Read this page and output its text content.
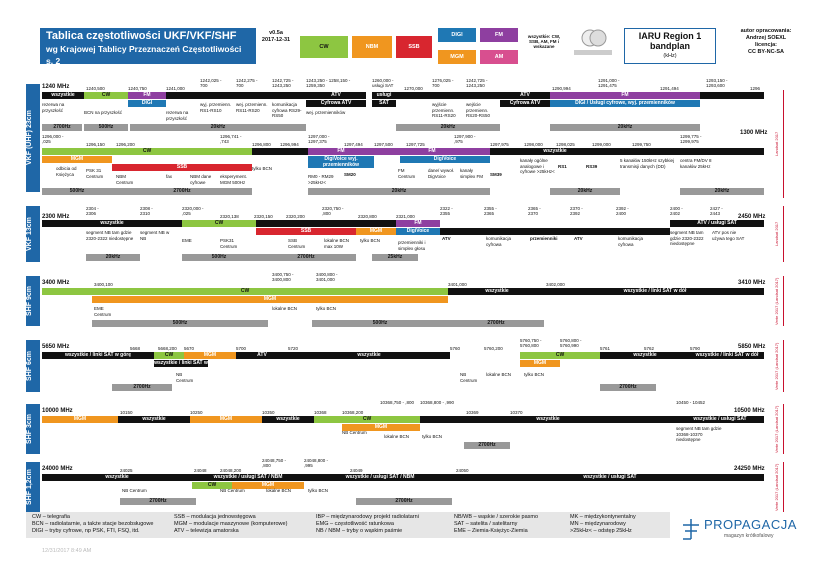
Tablica częstotliwości UKF/VKF/SHF
wg Krajowej Tablicy Przeznaczeń Częstotliwości s. 2
v0.5a
2017-12-31
CW	NBM	SSB
DIGI	FM
MGM	AM
wszystkie: CW, SSB, AM, FM i wskazane
IARU Region 1
bandplan
(kHz)
autor opracowania:
Andrzej SOEXL
licencja:
CC BY-NC-SA
VKF (UHF) 23cm
VKF 13cm
SHF 9cm
SHF 6cm
SHF 3cm
SHF 1,2cm
Landsat 2017
Landsat 2017
Verte 2017 (Landsat 2017)
Verte 2017 (Landsat 2017)
Verte 2017 (Landsat 2017)
Verte 2017 (Landsat 2017)
1240 MHz	1240,500	1240,750	1241,000
1242,025 - 700
1242,275 - 700
1242,725 - 1243,250
1243,250 - 1258,150 - 1259,350
1260,000 - usługi SAT
1270,000
1276,025 - 700
1242,725 - 1243,250
1290,994
1291,000 - 1291,475
1291,494
1293,150 - 1293,600
1296
wszystkie	CW	FM
DIGI
ATV
Cyfrowa ATV
usługi
SAT
ATV
Cyfrowa ATV
FM
DIGI / Usługi cyfrowe, wyj. przemienników
rezerwa na przyszłość	BCN na przyszłość	rezerwa na przyszłość
wyj. przemienn. RS1-RS10
wej. przemienn. RS11-RS20
komunikacja cyfrowa RS29-RS50
wej. przemienników
wyjście przemienn. RS11-RS20
wejście przemienn. RS20-RS50
2700Hz	500Hz	20kHz	20kHz	20kHz
1300 MHz
1296,000 - ,025
1296,150 1296,200
1296,741 - ,743
1296,800 1296,994
1297,000 - 1297,375
1297,494 1297,500	1297,725
1297,900 - ,975
1297,975	1298,000	1298,025	1299,000	1299,750
1299,775 - 1299,975
CW
MGM
SSB
FM
DigiVoice wyj. przemienników
FM
DigiVoice
wszystkie
odbicia od Księżyca
PSK 31 Centrum	NBM Centrum
fax	NBM dane cyfrowe
eksperyment. MGM 500Hz
tylko BCN
RM0 - RM29 >25kHz<
SM20
FM Centrum
dane/ wywoł. DigVoice
kanały simplex FM	SM39
kanały ogólne analogowe i cyfrowe >25kHz<
RS1	RS39
5 kanałów 150kHz szybkiej transmisji danych (DD)
centra FM/DV 8 kanałów 25kHz
500Hz	2700Hz	20kHz	20kHz	20kHz
2300 MHz
2304 - 2306
2308 - 2310
2320,000 - ,025
2320,138	2320,150	2320,200
2320,750 - ,800
2320,800	2321,000
2322 - 2355
2355 - 2365
2365 - 2370
2370 - 2392
2392 - 2400
2400 - 2402
2427 - 2443
2450 MHz
wszystkie	CW
SSB	MGM
FM
DigiVoice
ATV / usługi SAT
segment NB tam gdzie 2320-2322 niedostępne
segment NB w NB	EME	PSK31 Centrum
SSB Centrum
lokalne BCN max 10W
tylko BCN	przemienniki i simplex głosu
ATV	komunikacja cyfrowa
przemienniki	ATV	komunikacja cyfrowa
segment NB tam gdzie 2320-2322 niedostępne
ATV pos nie używa tego SAT
20kHz	500Hz	2700Hz	25kHz
3400 MHz	3400,100
3400,750 - 3400,800
3400,800 - 3401,000
3401,000	3402,000	3410 MHz
CW
MGM
wszystkie	wszystkie / linki SAT w dół
EME Centrum
lokalne BCN	tylko BCN
500Hz	500Hz	2700Hz
5650 MHz	5668	5668,200 5670	5700	5720	5760	5760,200
5760,750 - 5760,800
5760,800 - 5760,990
5761	5762	5790	5850 MHz
wszystkie / linki SAT w górę	CW
wszystkie / linki SAT w górę
MGM	ATV	wszystkie	CW
MGM
wszystkie	wszystkie / linki SAT w dół
NB Centrum
NB Centrum
lokalne BCN	tylko BCN
2700Hz	2700Hz
10000 MHz	10150	10250	10350	10368	10368,200
10368,750 - ,800	10368,800 - ,990
10369	10370
10450 - 10452
10500 MHz
MGM	wszystkie	MGM	wszystkie	CW
MGM
wszystkie	wszystkie / usługi SAT
NB Centrum
lokalne BCN	tylko BCN
segment NB tam gdzie 10368-10370 niedostępne
2700Hz
24000 MHz	24025	24048	24048,200
24048,750 - ,800
24048,800 - ,995
24049	24050	24250 MHz
wszystkie	wszystkie / usługi SAT / NBM
CW	MGM
wszystkie / usługi SAT / NBM	wszystkie / usługi SAT
NB Centrum	NB Centrum	lokalne BCN	tylko BCN
2700Hz	2700Hz
CW – telegrafia
BCN – radiolatarnie, a także stacje bezobsługowe
DIGI – tryby cyfrowe, np PSK, FTI, FSQ, itd.
SSB – modulacja jednowstęgowa
MGM – modulacje maszynowe (komputerowe)
ATV – telewizja amatorska
IBP – międzynarodowy projekt radiolatarni
EMG – częstotliwość ratunkowa
NB / NBM – tryby o wąskim paśmie
NB/WB – wąskie / szerokie pasmo
SAT – satelita / satelitarny
EME – Ziemia-Księżyc-Ziemia
MK – międzykontynentalny
MN – międzynarodowy
>25kHz< – odstęp 25kHz	PROPAGACJA
magazyn krótkofalowy
12/31/2017 8:49 AM
